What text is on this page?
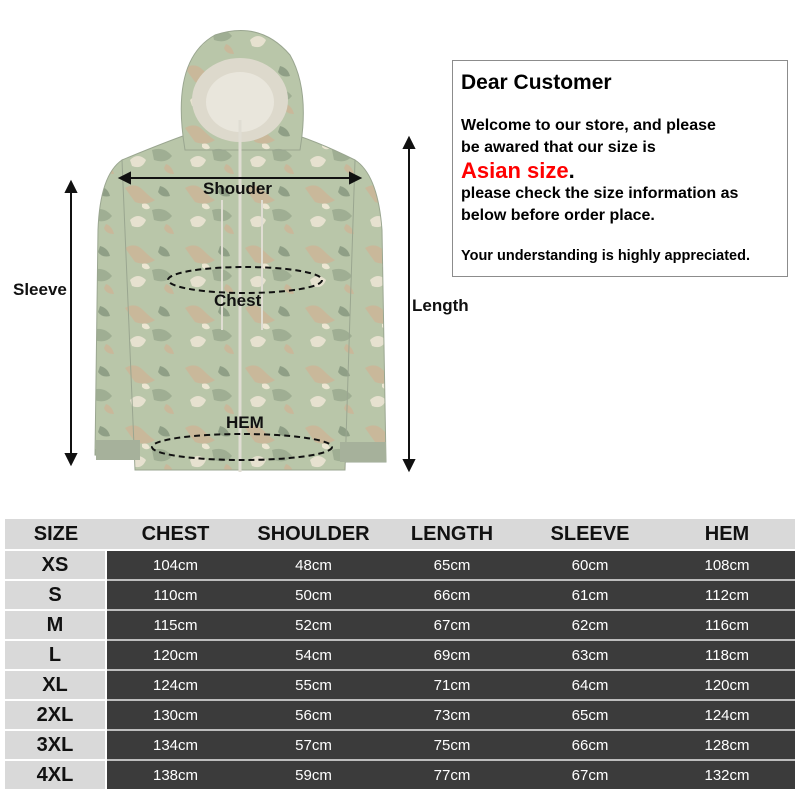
Shouder
Chest
HEM
Sleeve
Length
Dear Customer
Welcome to our store, and please
be awared that our size is
Asian size.
please check the size information as
below before order place.
Your understanding is highly appreciated.
SIZE	CHEST	SHOULDER	LENGTH	SLEEVE	HEM
XS	104cm	48cm	65cm	60cm	108cm
S	110cm	50cm	66cm	61cm	112cm
M	115cm	52cm	67cm	62cm	116cm
L	120cm	54cm	69cm	63cm	118cm
XL	124cm	55cm	71cm	64cm	120cm
2XL	130cm	56cm	73cm	65cm	124cm
3XL	134cm	57cm	75cm	66cm	128cm
4XL	138cm	59cm	77cm	67cm	132cm
